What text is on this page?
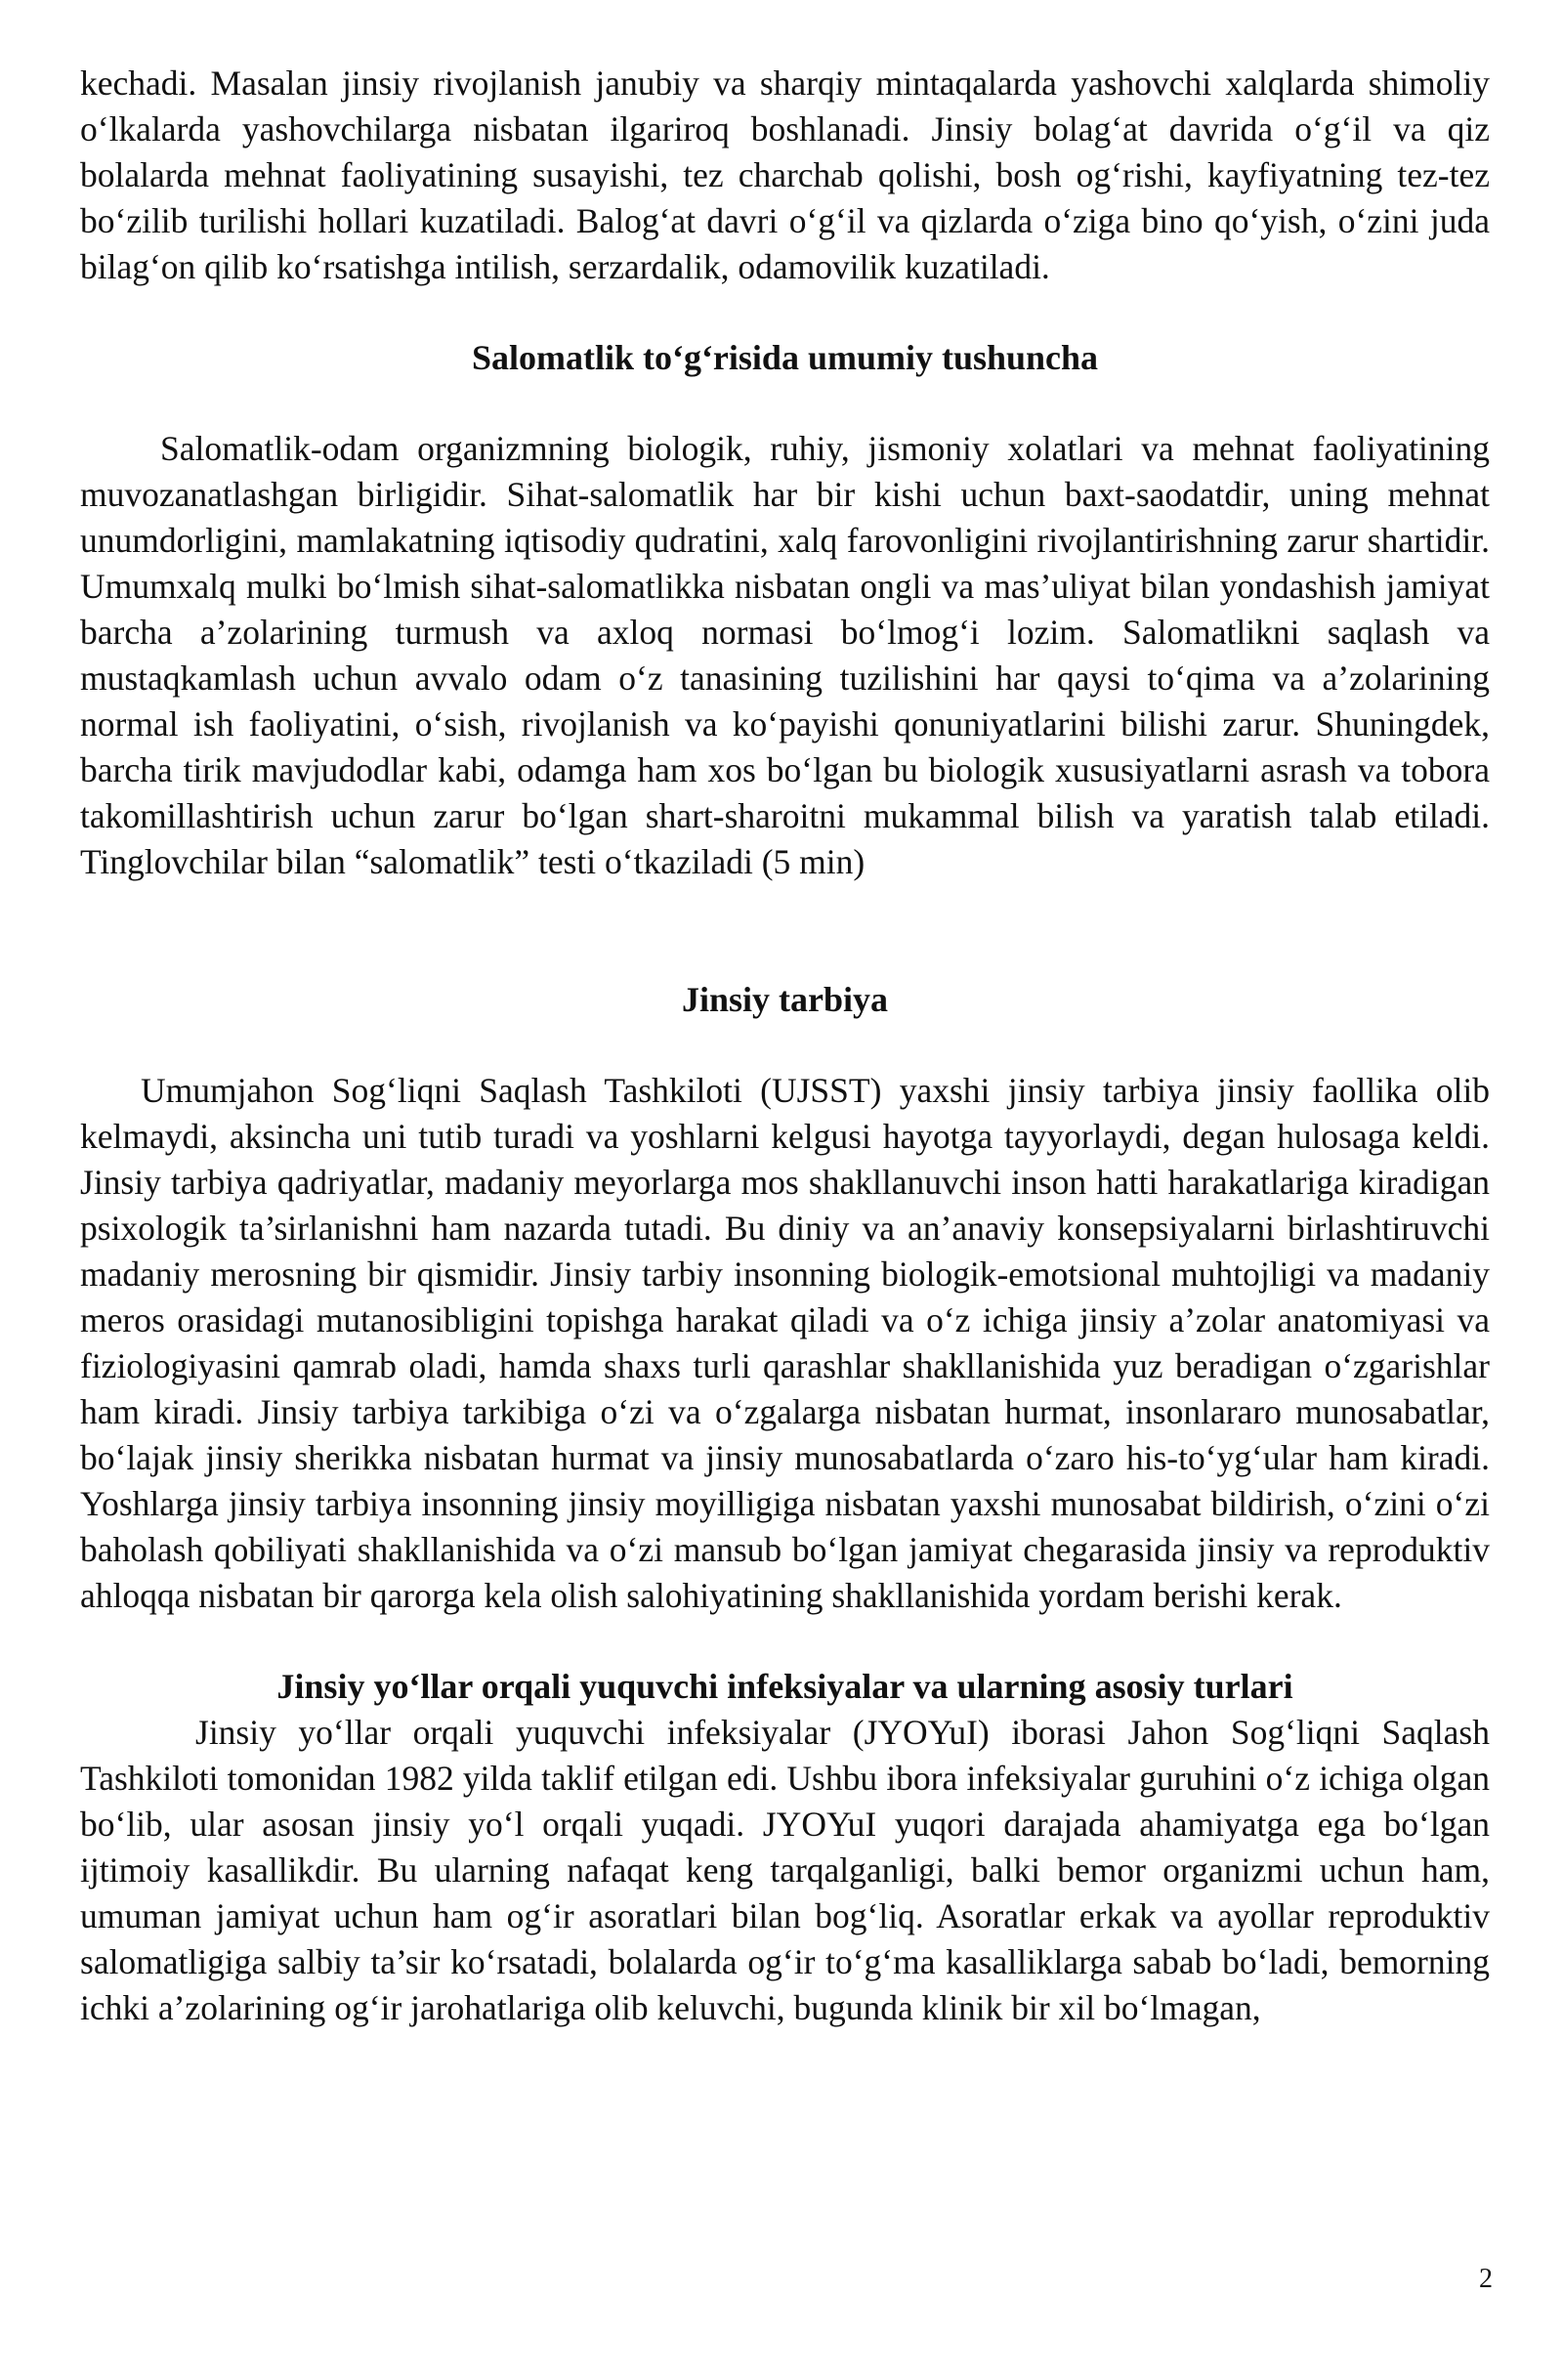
kechadi. Masalan jinsiy rivojlanish janubiy va sharqiy mintaqalarda yashovchi xalqlarda shimoliy o‘lkalarda yashovchilarga nisbatan ilgariroq boshlanadi. Jinsiy bolag‘at davrida o‘g‘il va qiz bolalarda mehnat faoliyatining susayishi, tez charchab qolishi, bosh og‘rishi, kayfiyatning tez-tez bo‘zilib turilishi hollari kuzatiladi. Balog‘at davri o‘g‘il va qizlarda o‘ziga bino qo‘yish, o‘zini juda bilag‘on qilib ko‘rsatishga intilish, serzardalik, odamovilik kuzatiladi.

Salomatlik to‘g‘risida umumiy tushuncha

Salomatlik-odam organizmning biologik, ruhiy, jismoniy xolatlari va mehnat faoliyatining muvozanatlashgan birligidir. Sihat-salomatlik har bir kishi uchun baxt-saodatdir, uning mehnat unumdorligini, mamlakatning iqtisodiy qudratini, xalq farovonligini rivojlantirishning zarur shartidir. Umumxalq mulki bo‘lmish sihat-salomatlikka nisbatan ongli va mas’uliyat bilan yondashish jamiyat barcha a’zolarining turmush va axloq normasi bo‘lmog‘i lozim. Salomatlikni saqlash va mustaqkamlash uchun avvalo odam o‘z tanasining tuzilishini har qaysi to‘qima va a’zolarining normal ish faoliyatini, o‘sish, rivojlanish va ko‘payishi qonuniyatlarini bilishi zarur. Shuningdek, barcha tirik mavjudodlar kabi, odamga ham xos bo‘lgan bu biologik xususiyatlarni asrash va tobora takomillashtirish uchun zarur bo‘lgan shart-sharoitni mukammal bilish va yaratish talab etiladi. Tinglovchilar bilan “salomatlik” testi o‘tkaziladi (5 min)

Jinsiy tarbiya

Umumjahon Sog‘liqni Saqlash Tashkiloti (UJSST) yaxshi jinsiy tarbiya jinsiy faollika olib kelmaydi, aksincha uni tutib turadi va yoshlarni kelgusi hayotga tayyorlaydi, degan hulosaga keldi. Jinsiy tarbiya qadriyatlar, madaniy meyorlarga mos shakllanuvchi inson hatti harakatlariga kiradigan psixologik ta’sirlanishni ham nazarda tutadi. Bu diniy va an’anaviy konsepsiyalarni birlashtiruvchi madaniy merosning bir qismidir. Jinsiy tarbiy insonning biologik-emotsional muhtojligi va madaniy meros orasidagi mutanosibligini topishga harakat qiladi va o‘z ichiga jinsiy a’zolar anatomiyasi va fiziologiyasini qamrab oladi, hamda shaxs turli qarashlar shakllanishida yuz beradigan o‘zgarishlar ham kiradi. Jinsiy tarbiya tarkibiga o‘zi va o‘zgalarga nisbatan hurmat, insonlararo munosabatlar, bo‘lajak jinsiy sherikka nisbatan hurmat va jinsiy munosabatlarda o‘zaro his-to‘yg‘ular ham kiradi. Yoshlarga jinsiy tarbiya insonning jinsiy moyilligiga nisbatan yaxshi munosabat bildirish, o‘zini o‘zi baholash qobiliyati shakllanishida va o‘zi mansub bo‘lgan jamiyat chegarasida jinsiy va reproduktiv ahloqqa nisbatan bir qarorga kela olish salohiyatining shakllanishida yordam berishi kerak.

Jinsiy yo‘llar orqali yuquvchi infeksiyalar va ularning asosiy turlari

Jinsiy yo‘llar orqali yuquvchi infeksiyalar (JYOYuI) iborasi Jahon Sog‘liqni Saqlash Tashkiloti tomonidan 1982 yilda taklif etilgan edi. Ushbu ibora infeksiyalar guruhini o‘z ichiga olgan bo‘lib, ular asosan jinsiy yo‘l orqali yuqadi. JYOYuI yuqori darajada ahamiyatga ega bo‘lgan ijtimoiy kasallikdir. Bu ularning nafaqat keng tarqalganligi, balki bemor organizmi uchun ham, umuman jamiyat uchun ham og‘ir asoratlari bilan bog‘liq. Asoratlar erkak va ayollar reproduktiv salomatligiga salbiy ta’sir ko‘rsatadi, bolalarda og‘ir to‘g‘ma kasalliklarga sabab bo‘ladi, bemorning ichki a’zolarining og‘ir jarohatlariga olib keluvchi, bugunda klinik bir xil bo‘lmagan,

2
